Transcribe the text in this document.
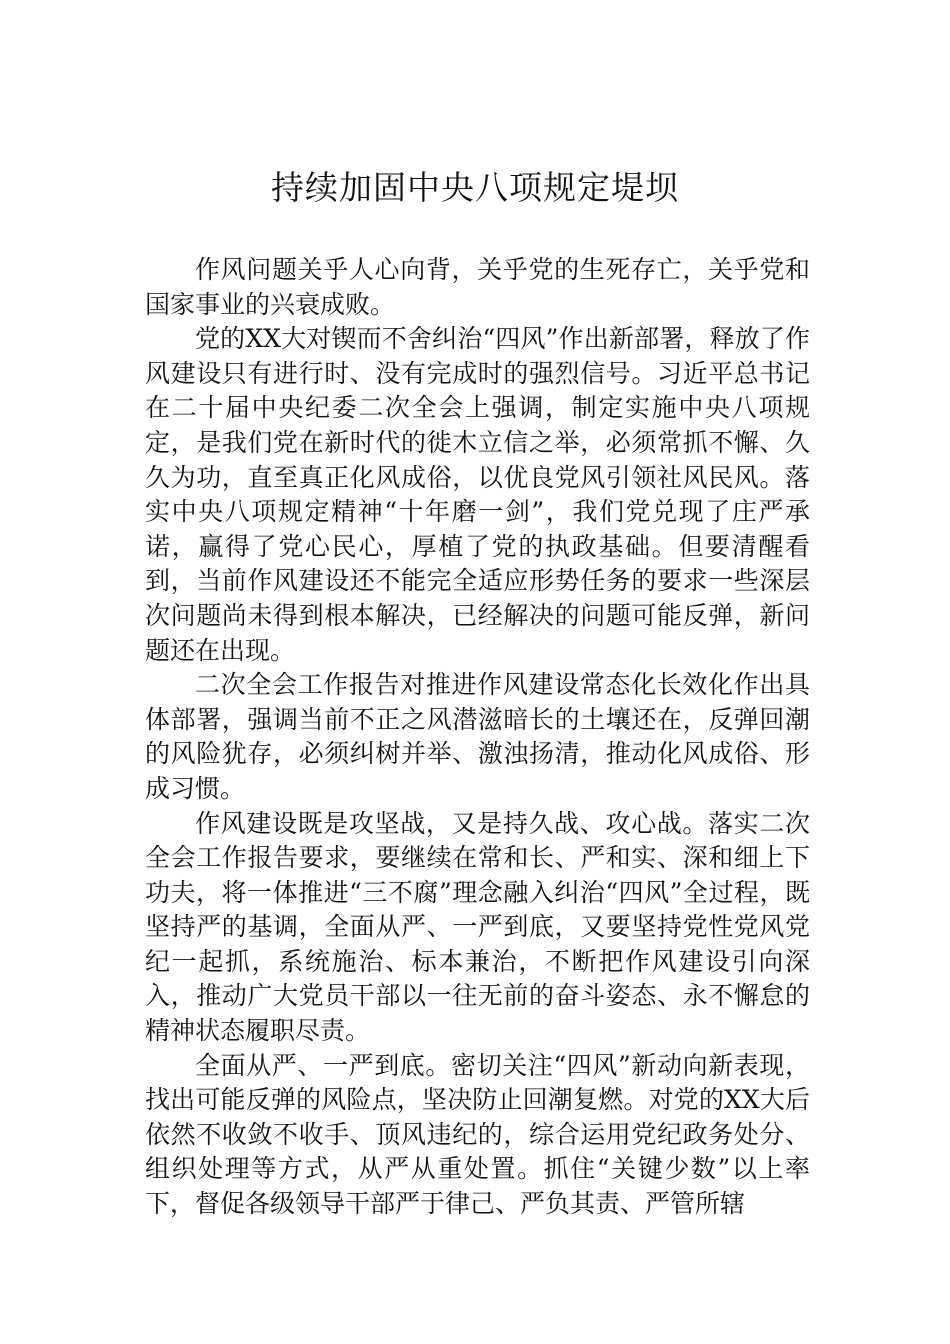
持续加固中央八项规定堤坝

作风问题关乎人心向背，关乎党的生死存亡，关乎党和国家事业的兴衰成败。

党的XX大对锲而不舍纠治“四风”作出新部署，释放了作风建设只有进行时、没有完成时的强烈信号。习近平总书记在二十届中央纪委二次全会上强调，制定实施中央八项规定，是我们党在新时代的徙木立信之举，必须常抓不懈、久久为功，直至真正化风成俗，以优良党风引领社风民风。落实中央八项规定精神“十年磨一剑”，我们党兑现了庄严承诺，赢得了党心民心，厚植了党的执政基础。但要清醒看到，当前作风建设还不能完全适应形势任务的要求一些深层次问题尚未得到根本解决，已经解决的问题可能反弹，新问题还在出现。

二次全会工作报告对推进作风建设常态化长效化作出具体部署，强调当前不正之风潜滋暗长的土壤还在，反弹回潮的风险犹存，必须纠树并举、激浊扬清，推动化风成俗、形成习惯。

作风建设既是攻坚战，又是持久战、攻心战。落实二次全会工作报告要求，要继续在常和长、严和实、深和细上下功夫，将一体推进“三不腐”理念融入纠治“四风”全过程，既坚持严的基调，全面从严、一严到底，又要坚持党性党风党纪一起抓，系统施治、标本兼治，不断把作风建设引向深入，推动广大党员干部以一往无前的奋斗姿态、永不懈怠的精神状态履职尽责。

全面从严、一严到底。密切关注“四风”新动向新表现，找出可能反弹的风险点，坚决防止回潮复燃。对党的XX大后依然不收敛不收手、顶风违纪的，综合运用党纪政务处分、组织处理等方式，从严从重处置。抓住“关键少数”以上率下，督促各级领导干部严于律己、严负其责、严管所辖
